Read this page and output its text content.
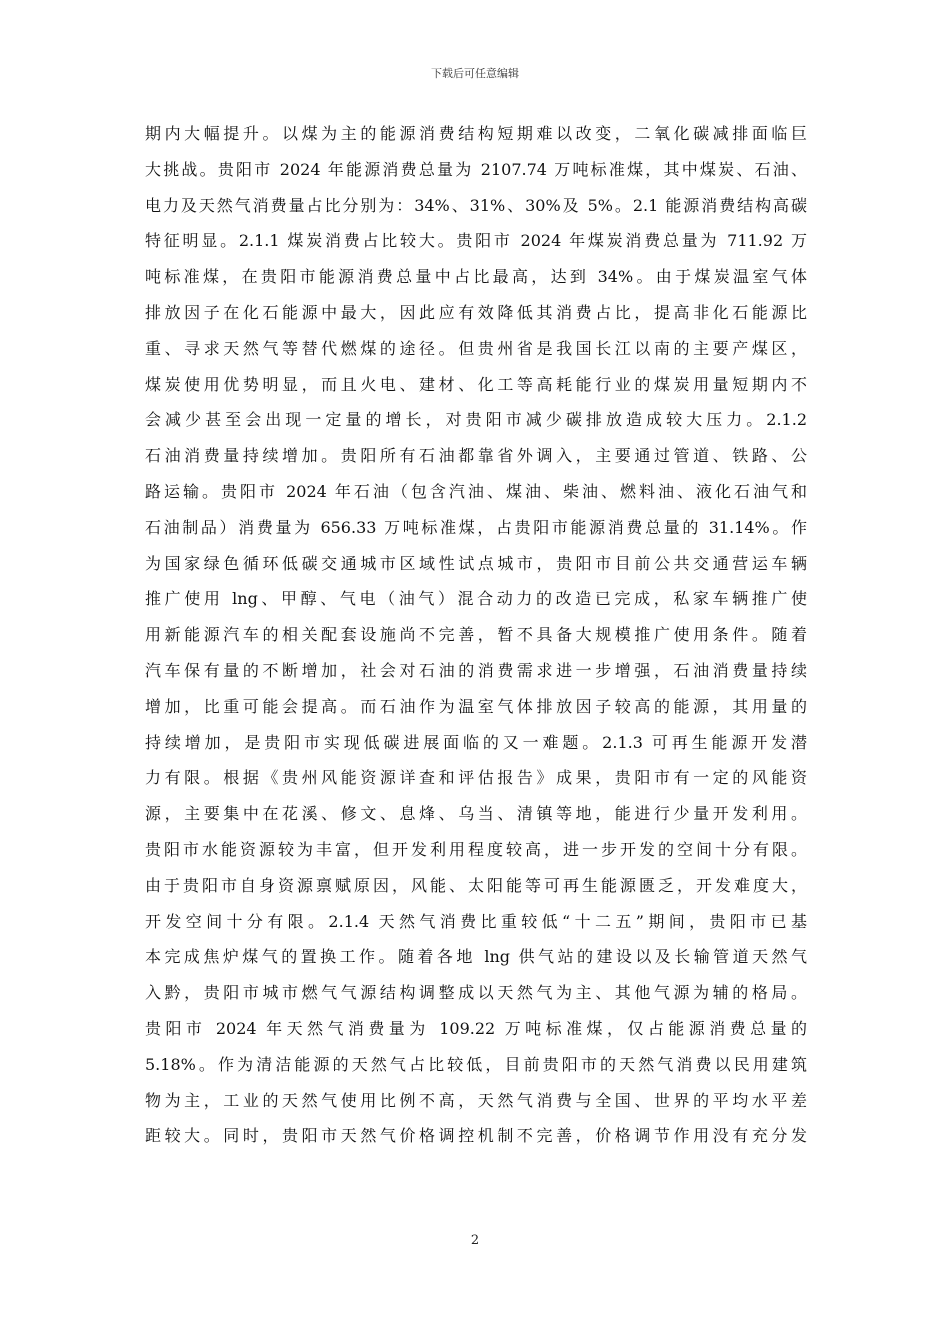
下载后可任意编辑
期内大幅提升。以煤为主的能源消费结构短期难以改变，二氧化碳减排面临巨
大挑战。贵阳市 2024 年能源消费总量为 2107.74 万吨标准煤，其中煤炭、石油、
电力及天然气消费量占比分别为：34%、31%、30%及 5%。2.1 能源消费结构高碳
特征明显。2.1.1 煤炭消费占比较大。贵阳市 2024 年煤炭消费总量为 711.92 万
吨标准煤，在贵阳市能源消费总量中占比最高，达到 34%。由于煤炭温室气体
排放因子在化石能源中最大，因此应有效降低其消费占比，提高非化石能源比
重、寻求天然气等替代燃煤的途径。但贵州省是我国长江以南的主要产煤区，
煤炭使用优势明显，而且火电、建材、化工等高耗能行业的煤炭用量短期内不
会减少甚至会出现一定量的增长，对贵阳市减少碳排放造成较大压力。2.1.2
石油消费量持续增加。贵阳所有石油都靠省外调入，主要通过管道、铁路、公
路运输。贵阳市 2024 年石油（包含汽油、煤油、柴油、燃料油、液化石油气和
石油制品）消费量为 656.33 万吨标准煤，占贵阳市能源消费总量的 31.14%。作
为国家绿色循环低碳交通城市区域性试点城市，贵阳市目前公共交通营运车辆
推广使用 lng、甲醇、气电（油气）混合动力的改造已完成，私家车辆推广使
用新能源汽车的相关配套设施尚不完善，暂不具备大规模推广使用条件。随着
汽车保有量的不断增加，社会对石油的消费需求进一步增强，石油消费量持续
增加，比重可能会提高。而石油作为温室气体排放因子较高的能源，其用量的
持续增加，是贵阳市实现低碳进展面临的又一难题。2.1.3 可再生能源开发潜
力有限。根据《贵州风能资源详查和评估报告》成果，贵阳市有一定的风能资
源，主要集中在花溪、修文、息烽、乌当、清镇等地，能进行少量开发利用。
贵阳市水能资源较为丰富，但开发利用程度较高，进一步开发的空间十分有限。
由于贵阳市自身资源禀赋原因，风能、太阳能等可再生能源匮乏，开发难度大，
开发空间十分有限。2.1.4 天然气消费比重较低“十二五”期间，贵阳市已基
本完成焦炉煤气的置换工作。随着各地 lng 供气站的建设以及长输管道天然气
入黔，贵阳市城市燃气气源结构调整成以天然气为主、其他气源为辅的格局。
贵阳市 2024 年天然气消费量为 109.22 万吨标准煤，仅占能源消费总量的
5.18%。作为清洁能源的天然气占比较低，目前贵阳市的天然气消费以民用建筑
物为主，工业的天然气使用比例不高，天然气消费与全国、世界的平均水平差
距较大。同时，贵阳市天然气价格调控机制不完善，价格调节作用没有充分发
2
